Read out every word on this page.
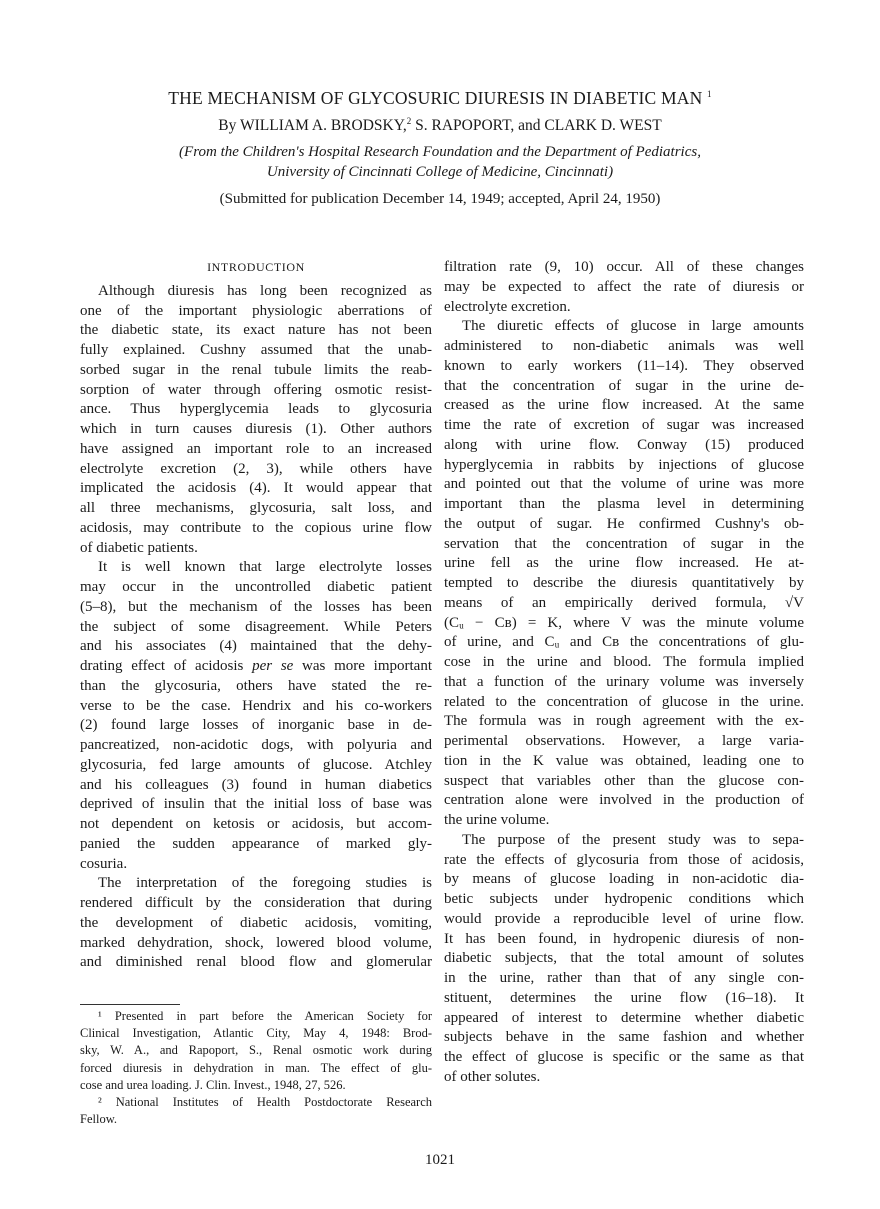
THE MECHANISM OF GLYCOSURIC DIURESIS IN DIABETIC MAN $^1$
By WILLIAM A. BRODSKY,$^2$ S. RAPOPORT, and CLARK D. WEST
(From the Children's Hospital Research Foundation and the Department of Pediatrics,
University of Cincinnati College of Medicine, Cincinnati)
(Submitted for publication December 14, 1949; accepted, April 24, 1950)
INTRODUCTION
Although diuresis has long been recognized as
one of the important physiologic aberrations of
the diabetic state, its exact nature has not been
fully explained. Cushny assumed that the unab-
sorbed sugar in the renal tubule limits the reab-
sorption of water through offering osmotic resist-
ance. Thus hyperglycemia leads to glycosuria
which in turn causes diuresis (1). Other authors
have assigned an important role to an increased
electrolyte excretion (2, 3), while others have
implicated the acidosis (4). It would appear that
all three mechanisms, glycosuria, salt loss, and
acidosis, may contribute to the copious urine flow
of diabetic patients.
It is well known that large electrolyte losses
may occur in the uncontrolled diabetic patient
(5–8), but the mechanism of the losses has been
the subject of some disagreement. While Peters
and his associates (4) maintained that the dehy-
drating effect of acidosis per se was more important
than the glycosuria, others have stated the re-
verse to be the case. Hendrix and his co-workers
(2) found large losses of inorganic base in de-
pancreatized, non-acidotic dogs, with polyuria and
glycosuria, fed large amounts of glucose. Atchley
and his colleagues (3) found in human diabetics
deprived of insulin that the initial loss of base was
not dependent on ketosis or acidosis, but accom-
panied the sudden appearance of marked gly-
cosuria.
The interpretation of the foregoing studies is
rendered difficult by the consideration that during
the development of diabetic acidosis, vomiting,
marked dehydration, shock, lowered blood volume,
and diminished renal blood flow and glomerular
filtration rate (9, 10) occur. All of these changes
may be expected to affect the rate of diuresis or
electrolyte excretion.
The diuretic effects of glucose in large amounts
administered to non-diabetic animals was well
known to early workers (11–14). They observed
that the concentration of sugar in the urine de-
creased as the urine flow increased. At the same
time the rate of excretion of sugar was increased
along with urine flow. Conway (15) produced
hyperglycemia in rabbits by injections of glucose
and pointed out that the volume of urine was more
important than the plasma level in determining
the output of sugar. He confirmed Cushny's ob-
servation that the concentration of sugar in the
urine fell as the urine flow increased. He at-
tempted to describe the diuresis quantitatively by
means of an empirically derived formula, √V
(Cᵤ − Cʙ) = K, where V was the minute volume
of urine, and Cᵤ and Cʙ the concentrations of glu-
cose in the urine and blood. The formula implied
that a function of the urinary volume was inversely
related to the concentration of glucose in the urine.
The formula was in rough agreement with the ex-
perimental observations. However, a large varia-
tion in the K value was obtained, leading one to
suspect that variables other than the glucose con-
centration alone were involved in the production of
the urine volume.
The purpose of the present study was to sepa-
rate the effects of glycosuria from those of acidosis,
by means of glucose loading in non-acidotic dia-
betic subjects under hydropenic conditions which
would provide a reproducible level of urine flow.
It has been found, in hydropenic diuresis of non-
diabetic subjects, that the total amount of solutes
in the urine, rather than that of any single con-
stituent, determines the urine flow (16–18). It
appeared of interest to determine whether diabetic
subjects behave in the same fashion and whether
the effect of glucose is specific or the same as that
of other solutes.
¹ Presented in part before the American Society for
Clinical Investigation, Atlantic City, May 4, 1948: Brod-
sky, W. A., and Rapoport, S., Renal osmotic work during
forced diuresis in dehydration in man. The effect of glu-
cose and urea loading. J. Clin. Invest., 1948, 27, 526.
² National Institutes of Health Postdoctorate Research
Fellow.
1021
